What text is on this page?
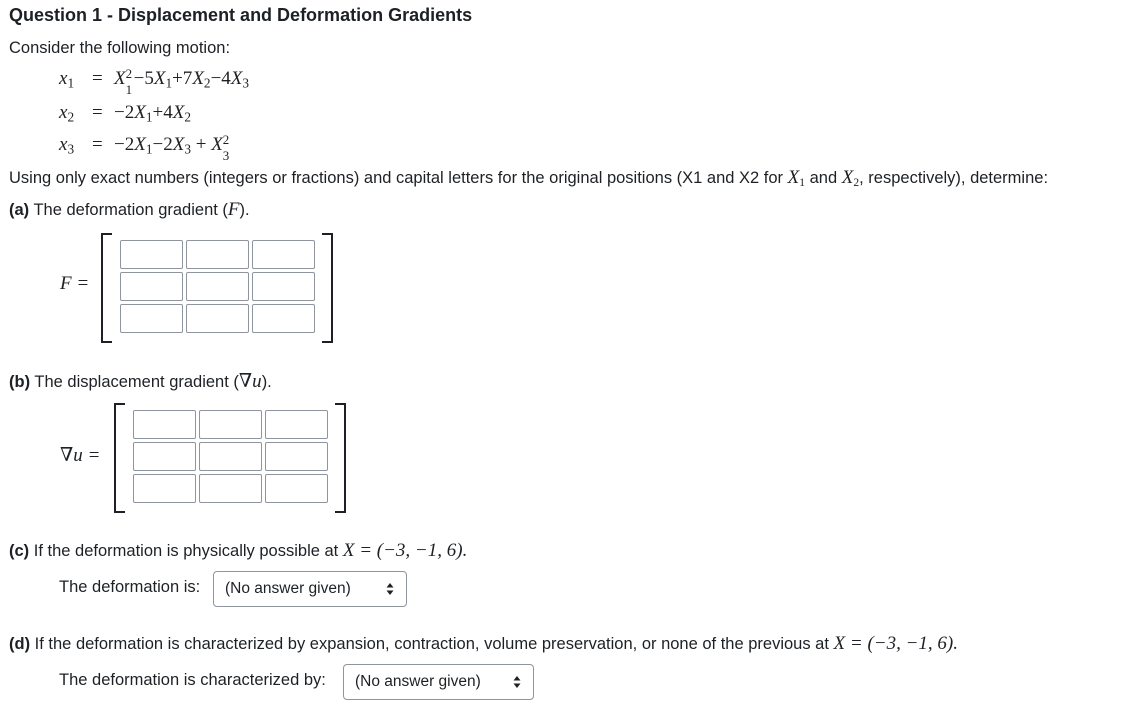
Question 1 - Displacement and Deformation Gradients
Consider the following motion:
$x_1 = X$ 2
1
$-5X_1+7X_2-4X_3$
$x_2 = -2X_1+4X_2$
$x_3 = -2X_1-2X_3 + X$ 2
3
Using only exact numbers (integers or fractions) and capital letters for the original positions (X1 and X2 for $X_1$ and $X_2$, respectively), determine:
(a) The deformation gradient (F).
F =
(b) The displacement gradient (∇u).
∇u =
(c) If the deformation is physically possible at X = (−3, −1, 6).
The deformation is:	(No answer given)
(d) If the deformation is characterized by expansion, contraction, volume preservation, or none of the previous at X = (−3, −1, 6).
The deformation is characterized by:	(No answer given)
